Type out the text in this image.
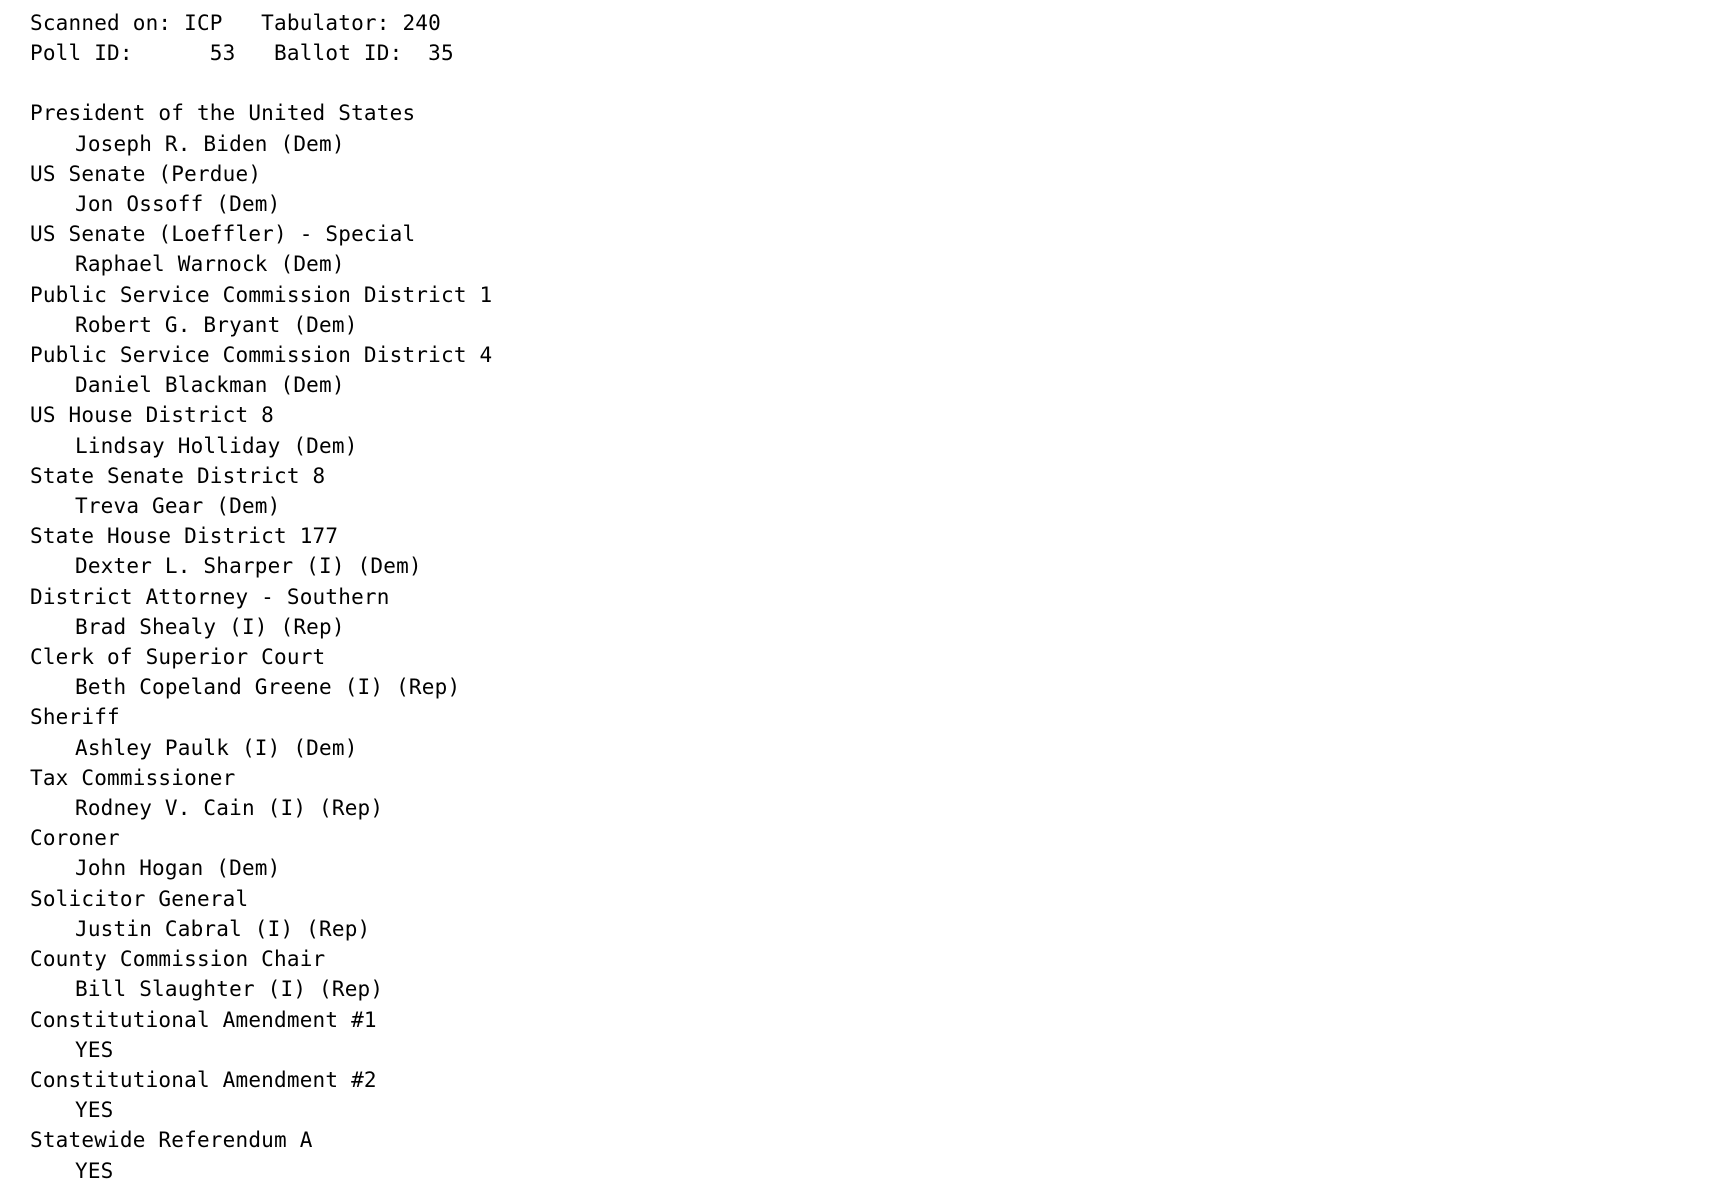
Scanned on: ICP   Tabulator: 240
Poll ID:      53   Ballot ID:  35
President of the United States
Joseph R. Biden (Dem)
US Senate (Perdue)
Jon Ossoff (Dem)
US Senate (Loeffler) - Special
Raphael Warnock (Dem)
Public Service Commission District 1
Robert G. Bryant (Dem)
Public Service Commission District 4
Daniel Blackman (Dem)
US House District 8
Lindsay Holliday (Dem)
State Senate District 8
Treva Gear (Dem)
State House District 177
Dexter L. Sharper (I) (Dem)
District Attorney - Southern
Brad Shealy (I) (Rep)
Clerk of Superior Court
Beth Copeland Greene (I) (Rep)
Sheriff
Ashley Paulk (I) (Dem)
Tax Commissioner
Rodney V. Cain (I) (Rep)
Coroner
John Hogan (Dem)
Solicitor General
Justin Cabral (I) (Rep)
County Commission Chair
Bill Slaughter (I) (Rep)
Constitutional Amendment #1
YES
Constitutional Amendment #2
YES
Statewide Referendum A
YES
